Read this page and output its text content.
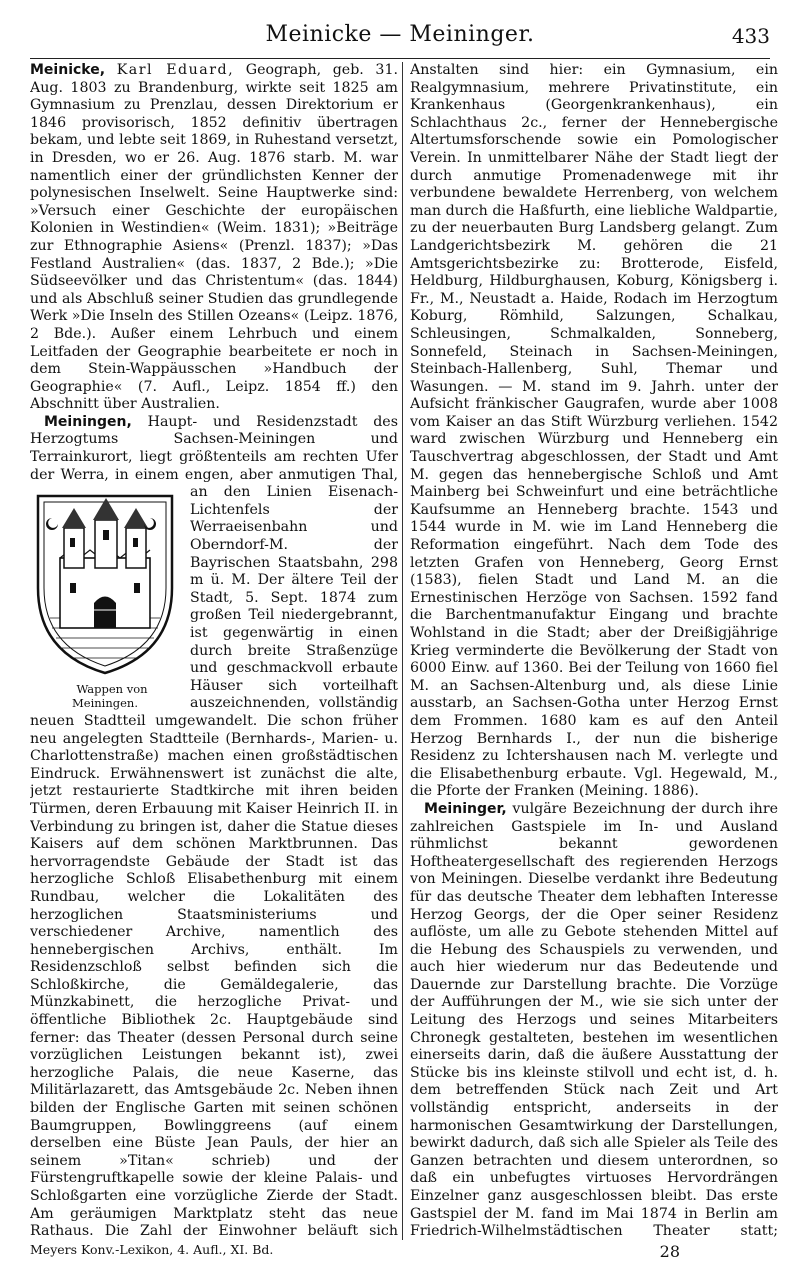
Meinicke — Meininger.	433

Meinicke, Karl Eduard, Geograph, geb. 31. Aug. 1803 zu Brandenburg, wirkte seit 1825 am Gymnasium zu Prenzlau, dessen Direktorium er 1846 provisorisch, 1852 definitiv übertragen bekam, und lebte seit 1869, in Ruhestand versetzt, in Dresden, wo er 26. Aug. 1876 starb. M. war namentlich einer der gründlichsten Kenner der polynesischen Inselwelt. Seine Hauptwerke sind: »Versuch einer Geschichte der europäischen Kolonien in Westindien« (Weim. 1831); »Beiträge zur Ethnographie Asiens« (Prenzl. 1837); »Das Festland Australien« (das. 1837, 2 Bde.); »Die Südseevölker und das Christentum« (das. 1844) und als Abschluß seiner Studien das grundlegende Werk »Die Inseln des Stillen Ozeans« (Leipz. 1876, 2 Bde.). Außer einem Lehrbuch und einem Leitfaden der Geographie bearbeitete er noch in dem Stein-Wappäusschen »Handbuch der Geographie« (7. Aufl., Leipz. 1854 ff.) den Abschnitt über Australien.

Meiningen, Haupt- und Residenzstadt des Herzogtums Sachsen-Meiningen und Terrainkurort, liegt größtenteils am rechten Ufer der Werra, in einem engen, aber anmutigen Thal, an den Linien Eisenach-
Wappen von Meiningen.
Lichtenfels der Werraeisenbahn und Oberndorf-M. der Bayrischen Staatsbahn, 298 m ü. M. Der ältere Teil der Stadt, 5. Sept. 1874 zum großen Teil niedergebrannt, ist gegenwärtig in einen durch breite Straßenzüge und geschmackvoll erbaute Häuser sich vorteilhaft auszeichnenden, vollständig neuen Stadtteil umgewandelt. Die schon früher neu angelegten Stadtteile (Bernhards-, Marien- u. Charlottenstraße) machen einen großstädtischen Eindruck. Erwähnenswert ist zunächst die alte, jetzt restaurierte Stadtkirche mit ihren beiden Türmen, deren Erbauung mit Kaiser Heinrich II. in Verbindung zu bringen ist, daher die Statue dieses Kaisers auf dem schönen Marktbrunnen. Das hervorragendste Gebäude der Stadt ist das herzogliche Schloß Elisabethenburg mit einem Rundbau, welcher die Lokalitäten des herzoglichen Staatsministeriums und verschiedener Archive, namentlich des hennebergischen Archivs, enthält. Im Residenzschloß selbst befinden sich die Schloßkirche, die Gemäldegalerie, das Münzkabinett, die herzogliche Privat- und öffentliche Bibliothek 2c. Hauptgebäude sind ferner: das Theater (dessen Personal durch seine vorzüglichen Leistungen bekannt ist), zwei herzogliche Palais, die neue Kaserne, das Militärlazarett, das Amtsgebäude 2c. Neben ihnen bilden der Englische Garten mit seinen schönen Baumgruppen, Bowlinggreens (auf einem derselben eine Büste Jean Pauls, der hier an seinem »Titan« schrieb) und der Fürstengruftkapelle sowie der kleine Palais- und Schloßgarten eine vorzügliche Zierde der Stadt. Am geräumigen Marktplatz steht das neue Rathaus. Die Zahl der Einwohner beläuft sich

Anstalten sind hier: ein Gymnasium, ein Realgymnasium, mehrere Privatinstitute, ein Krankenhaus (Georgenkrankenhaus), ein Schlachthaus 2c., ferner der Hennebergische Altertumsforschende sowie ein Pomologischer Verein. In unmittelbarer Nähe der Stadt liegt der durch anmutige Promenadenwege mit ihr verbundene bewaldete Herrenberg, von welchem man durch die Haßfurth, eine liebliche Waldpartie, zu der neuerbauten Burg Landsberg gelangt. Zum Landgerichtsbezirk M. gehören die 21 Amtsgerichtsbezirke zu: Brotterode, Eisfeld, Heldburg, Hildburghausen, Koburg, Königsberg i. Fr., M., Neustadt a. Haide, Rodach im Herzogtum Koburg, Römhild, Salzungen, Schalkau, Schleusingen, Schmalkalden, Sonneberg, Sonnefeld, Steinach in Sachsen-Meiningen, Steinbach-Hallenberg, Suhl, Themar und Wasungen. — M. stand im 9. Jahrh. unter der Aufsicht fränkischer Gaugrafen, wurde aber 1008 vom Kaiser an das Stift Würzburg verliehen. 1542 ward zwischen Würzburg und Henneberg ein Tauschvertrag abgeschlossen, der Stadt und Amt M. gegen das hennebergische Schloß und Amt Mainberg bei Schweinfurt und eine beträchtliche Kaufsumme an Henneberg brachte. 1543 und 1544 wurde in M. wie im Land Henneberg die Reformation eingeführt. Nach dem Tode des letzten Grafen von Henneberg, Georg Ernst (1583), fielen Stadt und Land M. an die Ernestinischen Herzöge von Sachsen. 1592 fand die Barchentmanufaktur Eingang und brachte Wohlstand in die Stadt; aber der Dreißigjährige Krieg verminderte die Bevölkerung der Stadt von 6000 Einw. auf 1360. Bei der Teilung von 1660 fiel M. an Sachsen-Altenburg und, als diese Linie ausstarb, an Sachsen-Gotha unter Herzog Ernst dem Frommen. 1680 kam es auf den Anteil Herzog Bernhards I., der nun die bisherige Residenz zu Ichtershausen nach M. verlegte und die Elisabethenburg erbaute. Vgl. Hegewald, M., die Pforte der Franken (Meining. 1886).

Meininger, vulgäre Bezeichnung der durch ihre zahlreichen Gastspiele im In- und Ausland rühmlichst bekannt gewordenen Hoftheatergesellschaft des regierenden Herzogs von Meiningen. Dieselbe verdankt ihre Bedeutung für das deutsche Theater dem lebhaften Interesse Herzog Georgs, der die Oper seiner Residenz auflöste, um alle zu Gebote stehenden Mittel auf die Hebung des Schauspiels zu verwenden, und auch hier wiederum nur das Bedeutende und Dauernde zur Darstellung brachte. Die Vorzüge der Aufführungen der M., wie sie sich unter der Leitung des Herzogs und seines Mitarbeiters Chronegk gestalteten, bestehen im wesentlichen einerseits darin, daß die äußere Ausstattung der Stücke bis ins kleinste stilvoll und echt ist, d. h. dem betreffenden Stück nach Zeit und Art vollständig entspricht, anderseits in der harmonischen Gesamtwirkung der Darstellungen, bewirkt dadurch, daß sich alle Spieler als Teile des Ganzen betrachten und diesem unterordnen, so daß ein unbefugtes virtuoses Hervordrängen Einzelner ganz ausgeschlossen bleibt. Das erste Gastspiel der M. fand im Mai 1874 in Berlin am Friedrich-Wilhelmstädtischen Theater statt;

Meyers Konv.-Lexikon, 4. Aufl., XI. Bd.	28
